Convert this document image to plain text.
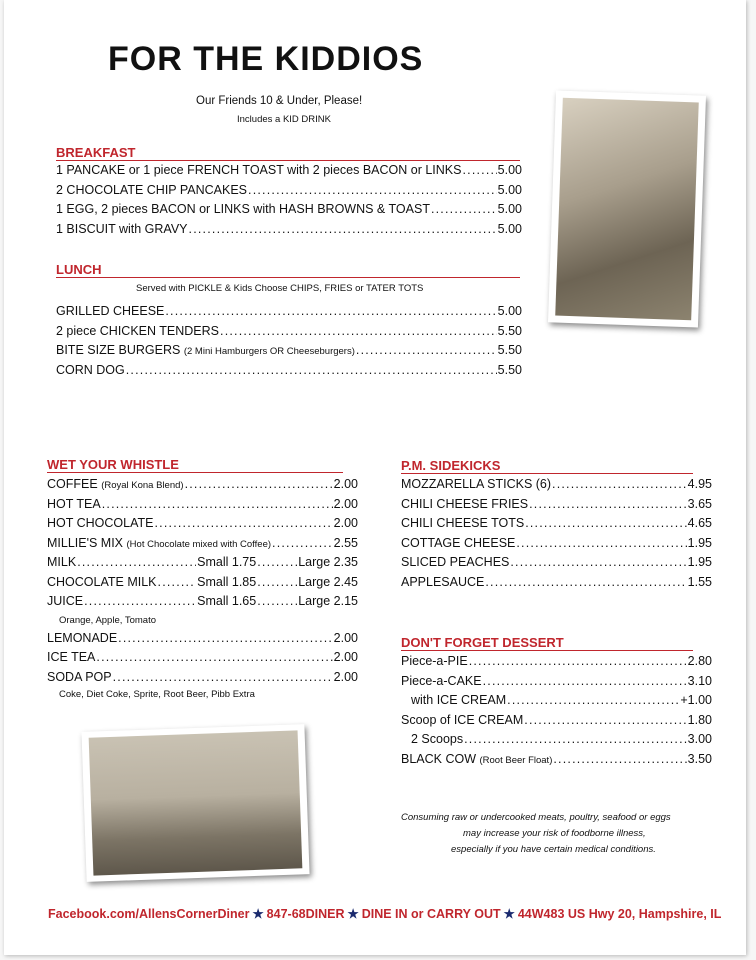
FOR THE KIDDIOS
Our Friends 10 & Under, Please!
Includes a KID DRINK
BREAKFAST
1 PANCAKE or 1 piece FRENCH TOAST with 2 pieces BACON or LINKS .....	5.00
2 CHOCOLATE CHIP PANCAKES .....	5.00
1 EGG, 2 pieces BACON or LINKS with HASH BROWNS & TOAST .....	5.00
1 BISCUIT with GRAVY .....	5.00
LUNCH
Served with PICKLE & Kids Choose CHIPS, FRIES or TATER TOTS
GRILLED CHEESE .....	5.00
2 piece CHICKEN TENDERS .....	5.50
BITE SIZE BURGERS
(2 Mini Hamburgers OR Cheeseburgers) .....	5.50
CORN DOG .....	5.50
WET YOUR WHISTLE
COFFEE
(Royal Kona Blend) .....	2.00
HOT TEA .....	2.00
HOT CHOCOLATE .....	2.00
MILLIE'S MIX
(Hot Chocolate mixed with Coffee) .....	2.55
MILK .....	Small 1.75 .....	Large 2.35
CHOCOLATE MILK .....	Small 1.85 .....	Large 2.45
JUICE .....	Small 1.65 .....	Large 2.15
Orange, Apple, Tomato
LEMONADE .....	2.00
ICE TEA .....	2.00
SODA POP .....	2.00
Coke, Diet Coke, Sprite, Root Beer, Pibb Extra
P.M. SIDEKICKS
MOZZARELLA STICKS (6) .....	4.95
CHILI CHEESE FRIES .....	3.65
CHILI CHEESE TOTS .....	4.65
COTTAGE CHEESE .....	1.95
SLICED PEACHES .....	1.95
APPLESAUCE .....	1.55
DON'T FORGET DESSERT
Piece-a-PIE .....	2.80
Piece-a-CAKE .....	3.10
with ICE CREAM .....	+1.00
Scoop of ICE CREAM .....	1.80
2 Scoops .....	3.00
BLACK COW
(Root Beer Float) .....	3.50
Consuming raw or undercooked meats, poultry, seafood or eggs
may increase your risk of foodborne illness,
especially if you have certain medical conditions.
Facebook.com/AllensCornerDiner ★ 847-68DINER ★ DINE IN or CARRY OUT ★ 44W483 US Hwy 20, Hampshire, IL
